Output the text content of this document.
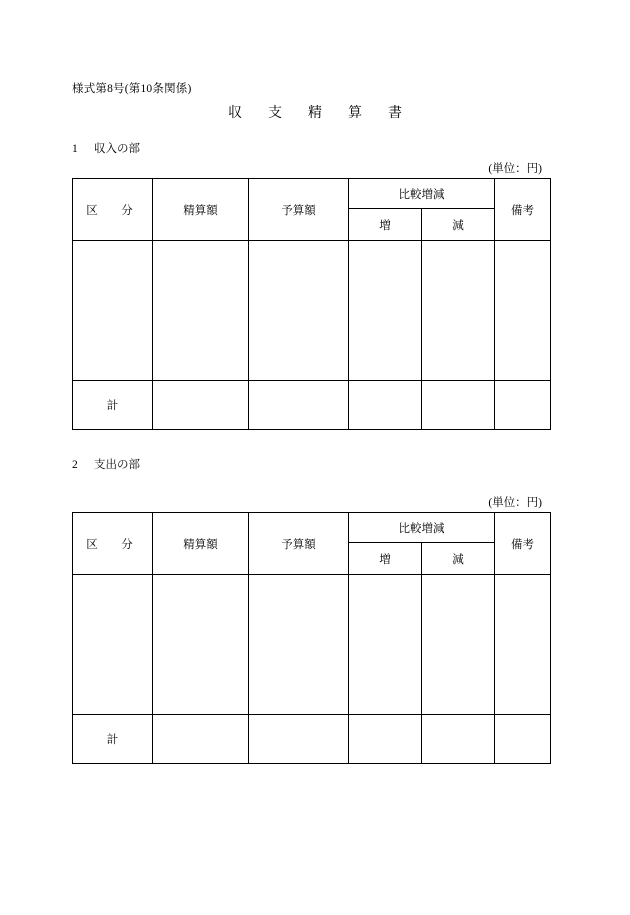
様式第8号(第10条関係)
収　支　精　算　書
1 収入の部
(単位：円)
区　分	精算額	予算額	比較増減		備考
			増	減	

計					
2 支出の部
(単位：円)
区　分	精算額	予算額	比較増減		備考
			増	減	

計					
